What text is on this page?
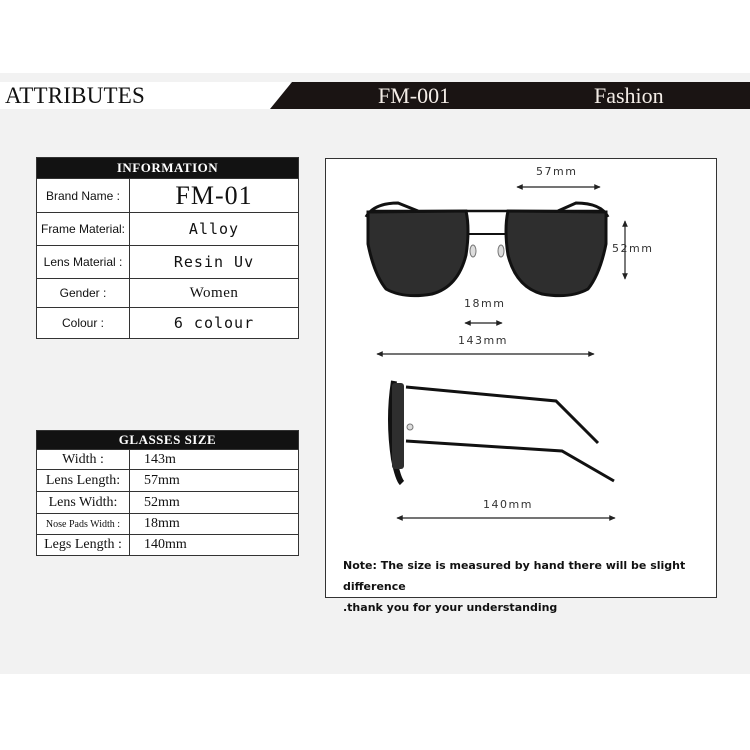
ATTRIBUTES	FM-001	Fashion
INFORMATION	
Brand Name :	FM-01
Frame Material:	Alloy
Lens Material :	Resin Uv
Gender :	Women
Colour :	6 colour
GLASSES SIZE	
Width :	143m
Lens Length:	57mm
Lens Width:	52mm
Nose Pads Width :	18mm
Legs Length :	140mm
57mm
52mm
18mm
143mm
140mm
Note: The size is measured by hand there will be slight difference
.thank you for your understanding
